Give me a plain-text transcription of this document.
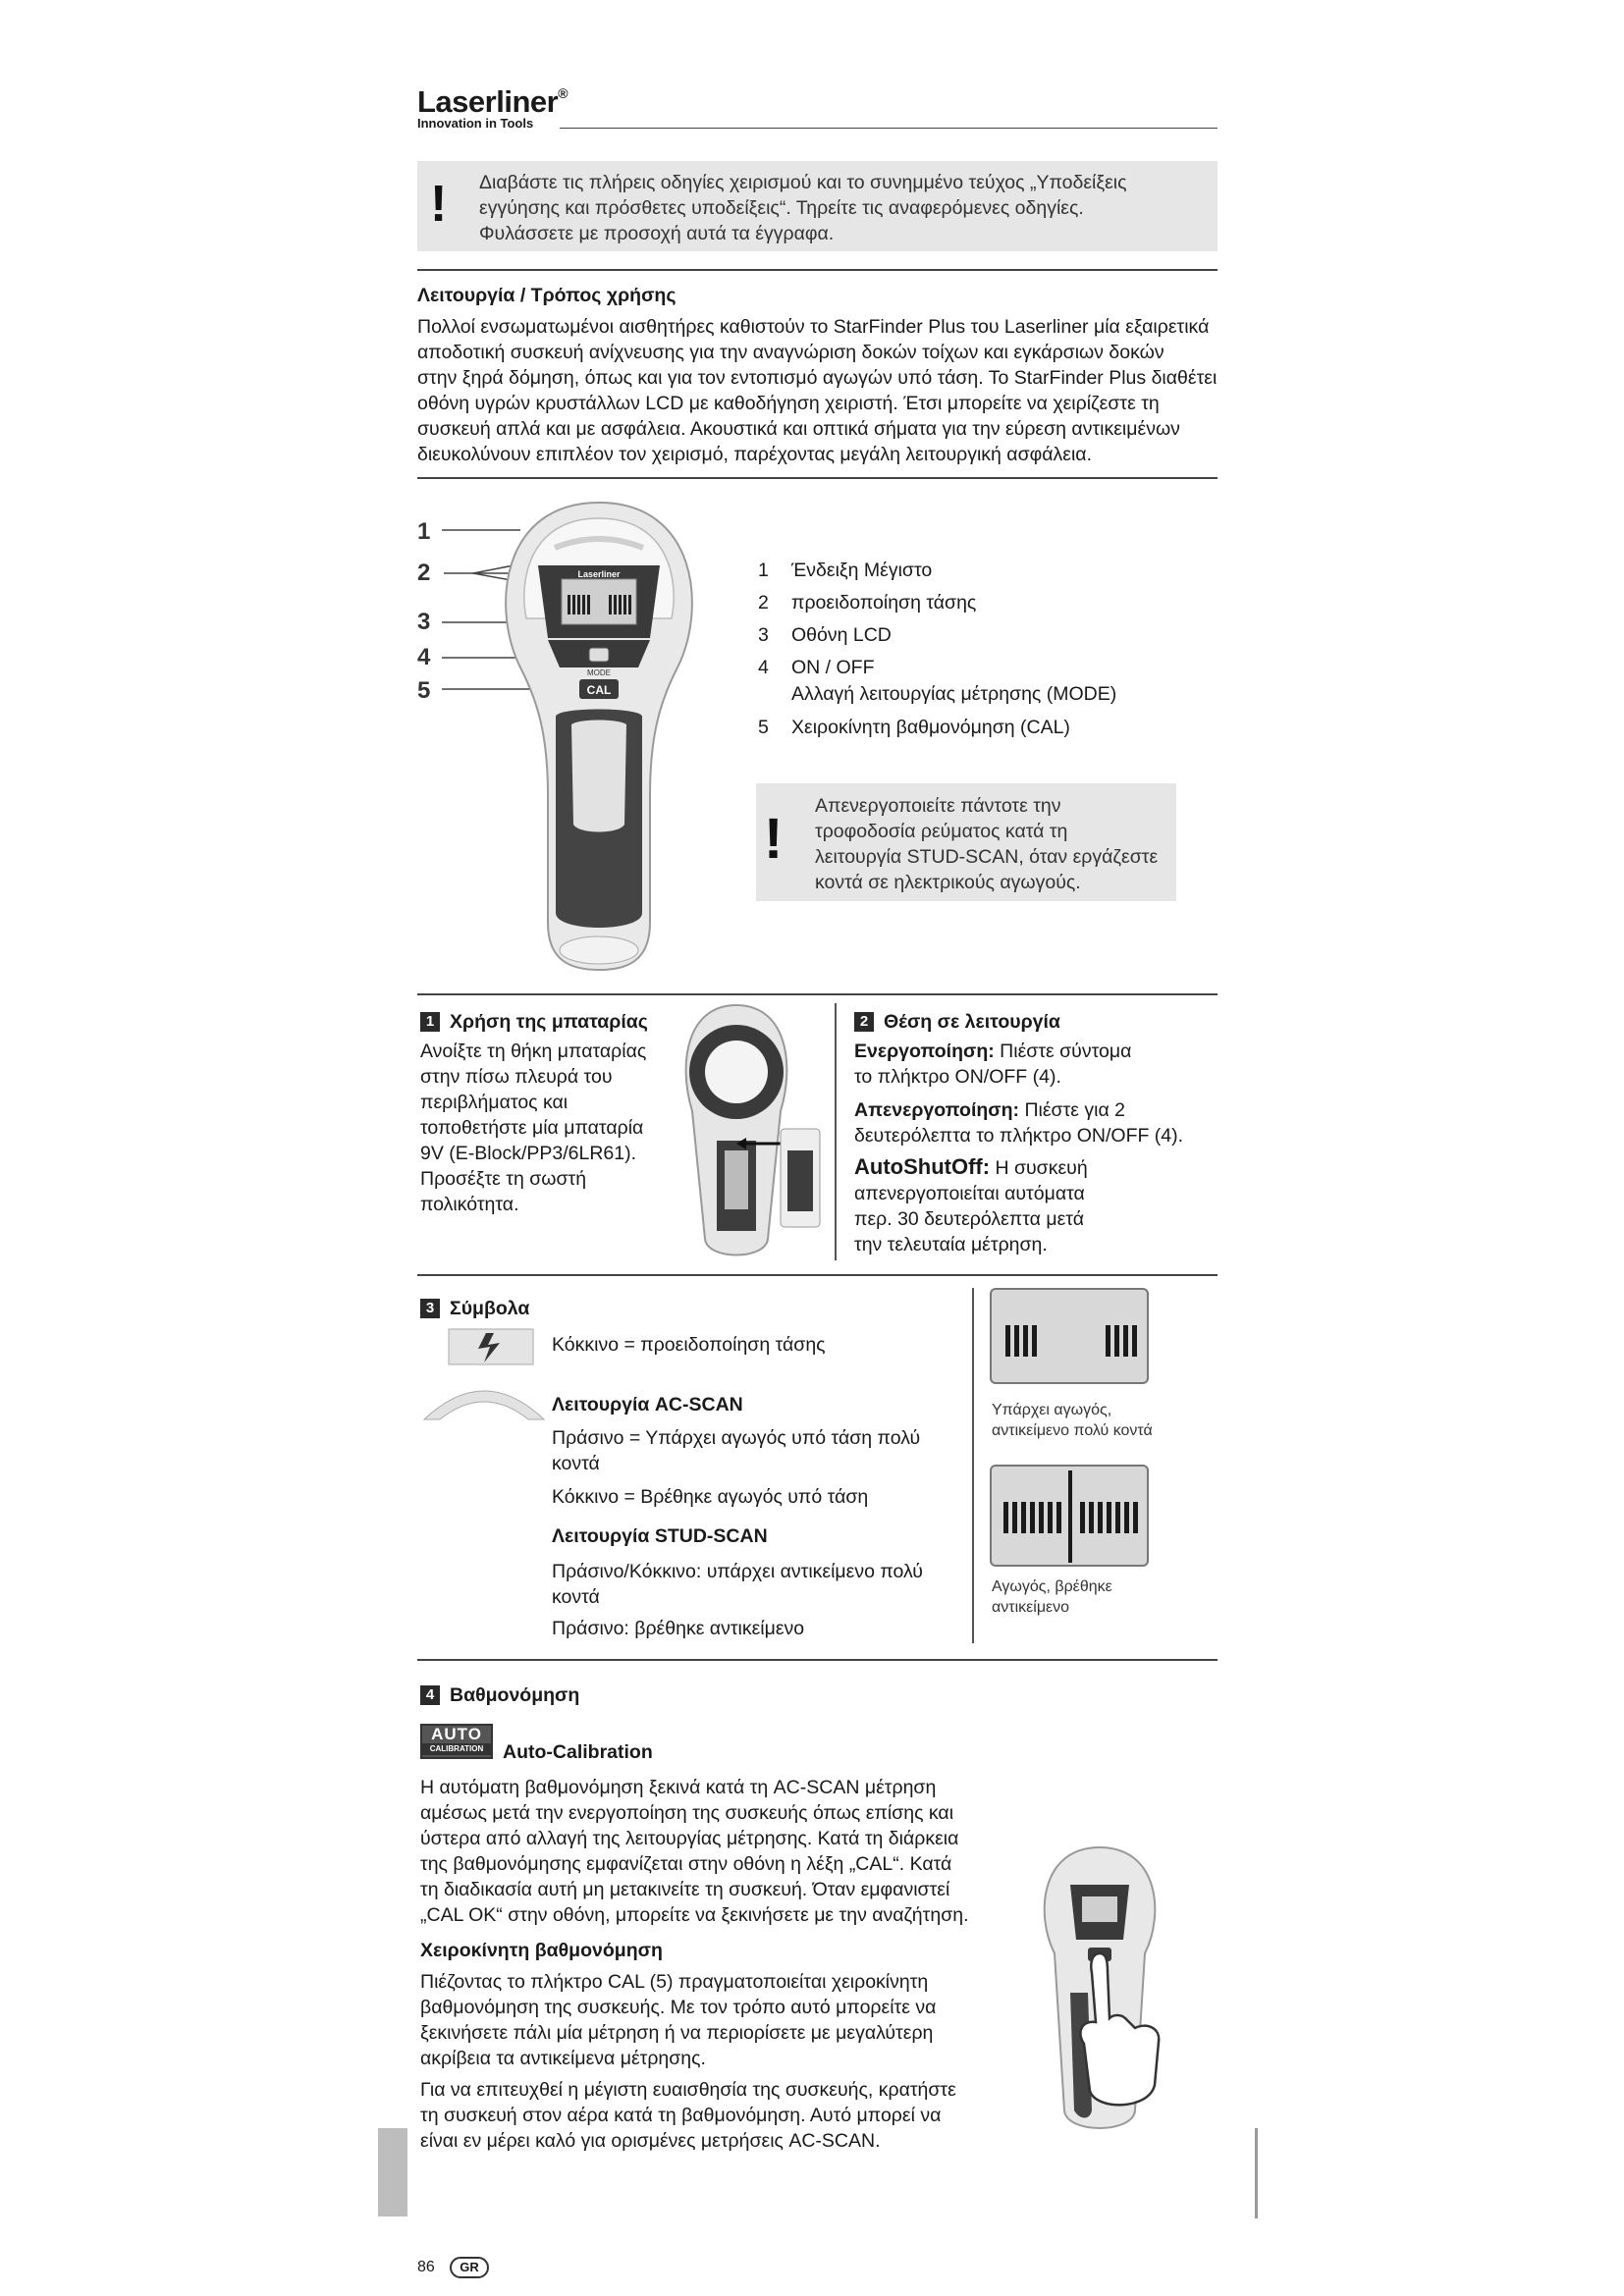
Laserliner®
Innovation in Tools
! Διαβάστε τις πλήρεις οδηγίες χειρισμού και το συνημμένο τεύχος „Υποδείξεις
εγγύησης και πρόσθετες υποδείξεις“. Τηρείτε τις αναφερόμενες οδηγίες.
Φυλάσσετε με προσοχή αυτά τα έγγραφα.
Λειτουργία / Τρόπος χρήσης
Πολλοί ενσωματωμένοι αισθητήρες καθιστούν το StarFinder Plus του Laserliner μία εξαιρετικά
αποδοτική συσκευή ανίχνευσης για την αναγνώριση δοκών τοίχων και εγκάρσιων δοκών
στην ξηρά δόμηση, όπως και για τον εντοπισμό αγωγών υπό τάση. Το StarFinder Plus διαθέτει
οθόνη υγρών κρυστάλλων LCD με καθοδήγηση χειριστή. Έτσι μπορείτε να χειρίζεστε τη
συσκευή απλά και με ασφάλεια. Ακουστικά και οπτικά σήματα για την εύρεση αντικειμένων
διευκολύνουν επιπλέον τον χειρισμό, παρέχοντας μεγάλη λειτουργική ασφάλεια.
1
2
3
4
5
Laserliner
MODE
CAL
1 Ένδειξη Μέγιστο
2 προειδοποίηση τάσης
3 Οθόνη LCD
4 ON / OFF
Αλλαγή λειτουργίας μέτρησης (MODE)
5 Χειροκίνητη βαθμονόμηση (CAL)
!
Απενεργοποιείτε πάντοτε την
τροφοδοσία ρεύματος κατά τη
λειτουργία STUD-SCAN, όταν εργάζεστε
κοντά σε ηλεκτρικούς αγωγούς.
1 Χρήση της μπαταρίας
Ανοίξτε τη θήκη μπαταρίας
στην πίσω πλευρά του
περιβλήματος και
τοποθετήστε μία μπαταρία
9V (E-Block/PP3/6LR61).
Προσέξτε τη σωστή
πολικότητα.
2 Θέση σε λειτουργία
Ενεργοποίηση: Πιέστε σύντομα
το πλήκτρο ON/OFF (4).
Απενεργοποίηση: Πιέστε για 2
δευτερόλεπτα το πλήκτρο ON/OFF (4).
AutoShutOff: Η συσκευή
απενεργοποιείται αυτόματα
περ. 30 δευτερόλεπτα μετά
την τελευταία μέτρηση.
3 Σύμβολα
Κόκκινο = προειδοποίηση τάσης
Λειτουργία AC-SCAN
Πράσινο = Υπάρχει αγωγός υπό τάση πολύ
κοντά
Κόκκινο = Βρέθηκε αγωγός υπό τάση
Λειτουργία STUD-SCAN
Πράσινο/Κόκκινο: υπάρχει αντικείμενο πολύ
κοντά
Πράσινο: βρέθηκε αντικείμενο
Υπάρχει αγωγός,
αντικείμενο πολύ κοντά
Αγωγός, βρέθηκε
αντικείμενο
4 Βαθμονόμηση
AUTO
CALIBRATION	Auto-Calibration
Η αυτόματη βαθμονόμηση ξεκινά κατά τη AC-SCAN μέτρηση
αμέσως μετά την ενεργοποίηση της συσκευής όπως επίσης και
ύστερα από αλλαγή της λειτουργίας μέτρησης. Κατά τη διάρκεια
της βαθμονόμησης εμφανίζεται στην οθόνη η λέξη „CAL“. Κατά
τη διαδικασία αυτή μη μετακινείτε τη συσκευή. Όταν εμφανιστεί
„CAL OK“ στην οθόνη, μπορείτε να ξεκινήσετε με την αναζήτηση.
Χειροκίνητη βαθμονόμηση
Πιέζοντας το πλήκτρο CAL (5) πραγματοποιείται χειροκίνητη
βαθμονόμηση της συσκευής. Με τον τρόπο αυτό μπορείτε να
ξεκινήσετε πάλι μία μέτρηση ή να περιορίσετε με μεγαλύτερη
ακρίβεια τα αντικείμενα μέτρησης.
Για να επιτευχθεί η μέγιστη ευαισθησία της συσκευής, κρατήστε
τη συσκευή στον αέρα κατά τη βαθμονόμηση. Αυτό μπορεί να
είναι εν μέρει καλό για ορισμένες μετρήσεις AC-SCAN.
86	GR
